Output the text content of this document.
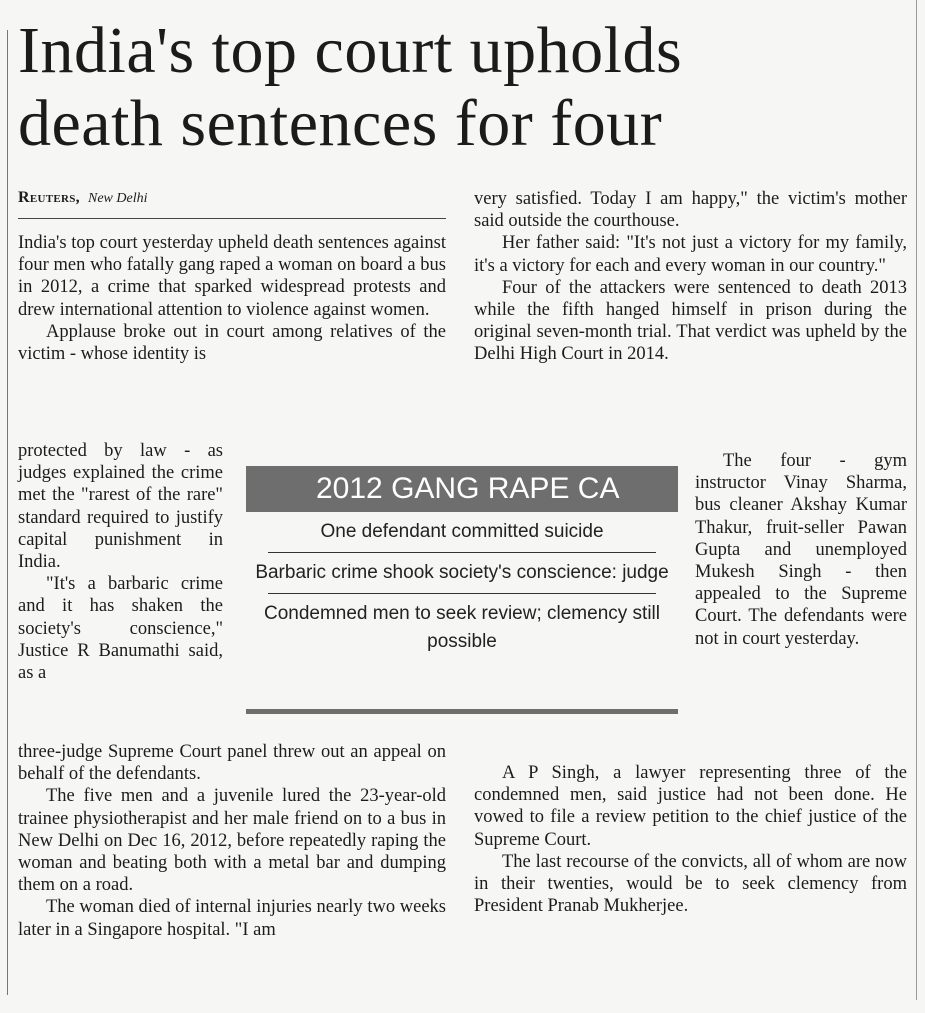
India's top court upholds
death sentences for four
Reuters, New Delhi

India's top court yesterday upheld death sentences against four men who fatally gang raped a woman on board a bus in 2012, a crime that sparked widespread protests and drew international attention to violence against women.

Applause broke out in court among relatives of the victim - whose identity is

protected by law - as judges explained the crime met the "rarest of the rare" standard required to justify capital punishment in India.

"It's a barbaric crime and it has shaken the society's conscience," Justice R Banumathi said, as a

three-judge Supreme Court panel threw out an appeal on behalf of the defendants.

The five men and a juvenile lured the 23-year-old trainee physiotherapist and her male friend on to a bus in New Delhi on Dec 16, 2012, before repeatedly raping the woman and beating both with a metal bar and dumping them on a road.

The woman died of internal injuries nearly two weeks later in a Singapore hospital. "I am

very satisfied. Today I am happy," the victim's mother said outside the courthouse.

Her father said: "It's not just a victory for my family, it's a victory for each and every woman in our country."

Four of the attackers were sentenced to death 2013 while the fifth hanged himself in prison during the original seven-month trial. That verdict was upheld by the Delhi High Court in 2014.

The four - gym instructor Vinay Sharma, bus cleaner Akshay Kumar Thakur, fruit-seller Pawan Gupta and unemployed Mukesh Singh - then appealed to the Supreme Court. The defendants were not in court yesterday.

A P Singh, a lawyer representing three of the condemned men, said justice had not been done. He vowed to file a review petition to the chief justice of the Supreme Court.

The last recourse of the convicts, all of whom are now in their twenties, would be to seek clemency from President Pranab Mukherjee.

2012 GANG RAPE CA
One defendant committed suicide
Barbaric crime shook society's conscience: judge
Condemned men to seek review; clemency still possible
